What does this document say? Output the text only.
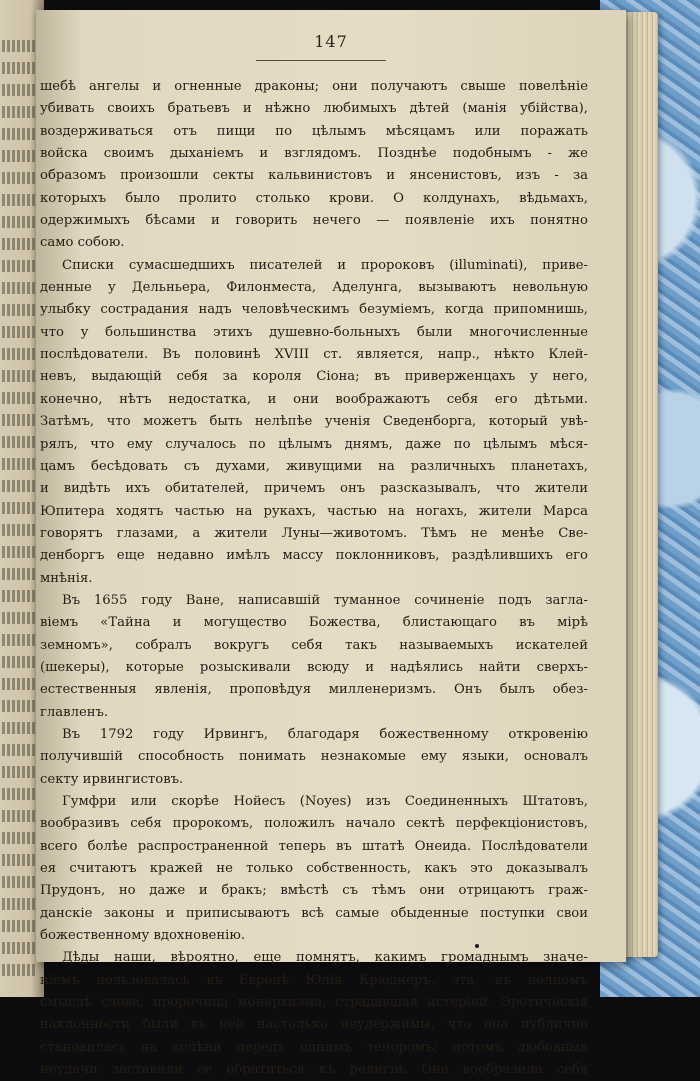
147
шебѣ ангелы и огненные драконы; они получаютъ свыше повелѣніе
убивать своихъ братьевъ и нѣжно любимыхъ дѣтей (манія убійства),
воздерживаться отъ пищи по цѣлымъ мѣсяцамъ или поражать
войска своимъ дыханіемъ и взглядомъ. Позднѣе подобнымъ - же
образомъ произошли секты кальвинистовъ и янсенистовъ, изъ - за
которыхъ было пролито столько крови. О колдунахъ, вѣдьмахъ,
одержимыхъ бѣсами и говорить нечего — появленіе ихъ понятно
само собою.
Списки сумасшедшихъ писателей и пророковъ (illuminati), приве-
денные у Дельньера, Филонместа, Аделунга, вызываютъ невольную
улыбку сострадания надъ человѣческимъ безуміемъ, когда припомнишь,
что у большинства этихъ душевно-больныхъ были многочисленные
послѣдователи. Въ половинѣ XVIII ст. является, напр., нѣкто Клей-
невъ, выдающій себя за короля Сіона; въ приверженцахъ у него,
конечно, нѣтъ недостатка, и они воображаютъ себя его дѣтьми.
Затѣмъ, что можетъ быть нелѣпѣе ученія Сведенборга, который увѣ-
рялъ, что ему случалось по цѣлымъ днямъ, даже по цѣлымъ мѣся-
цамъ бесѣдовать съ духами, живущими на различныхъ планетахъ,
и видѣть ихъ обитателей, причемъ онъ разсказывалъ, что жители
Юпитера ходятъ частью на рукахъ, частью на ногахъ, жители Марса
говорятъ глазами, а жители Луны—животомъ. Тѣмъ не менѣе Све-
денборгъ еще недавно имѣлъ массу поклонниковъ, раздѣлившихъ его
мнѣнія.
Въ 1655 году Ване, написавшій туманное сочиненіе подъ загла-
віемъ «Тайна и могущество Божества, блистающаго въ мірѣ
земномъ», собралъ вокругъ себя такъ называемыхъ искателей
(шекеры), которые розыскивали всюду и надѣялись найти сверхъ-
естественныя явленія, проповѣдуя милленеризмъ. Онъ былъ обез-
главленъ.
Въ 1792 году Ирвингъ, благодаря божественному откровенію
получившій способность понимать незнакомые ему языки, основалъ
секту ирвингистовъ.
Гумфри или скорѣе Нойесъ (Noyes) изъ Соединенныхъ Штатовъ,
вообразивъ себя пророкомъ, положилъ начало сектѣ перфекціонистовъ,
всего болѣе распространенной теперь въ штатѣ Онеида. Послѣдователи
ея считаютъ кражей не только собственность, какъ это доказывалъ
Прудонъ, но даже и бракъ; вмѣстѣ съ тѣмъ они отрицаютъ граж-
данскіе законы и приписываютъ всѣ самые обыденные поступки свои
божественному вдохновенію.
Дѣды наши, вѣроятно, еще помнятъ, какимъ громаднымъ значе-
ніемъ пользовалась въ Европѣ Юлія Крюднеръ, эта, въ полномъ
смыслѣ слова, пророчица монархизма, страдавшая истеріей. Эротическія
наклонности были въ ней настолько неудержимы, что она публично
становилась на колѣни передъ однимъ теноромъ; потомъ любовныя
неудачи заставили ее обратиться къ религіи. Она вообразила себя
